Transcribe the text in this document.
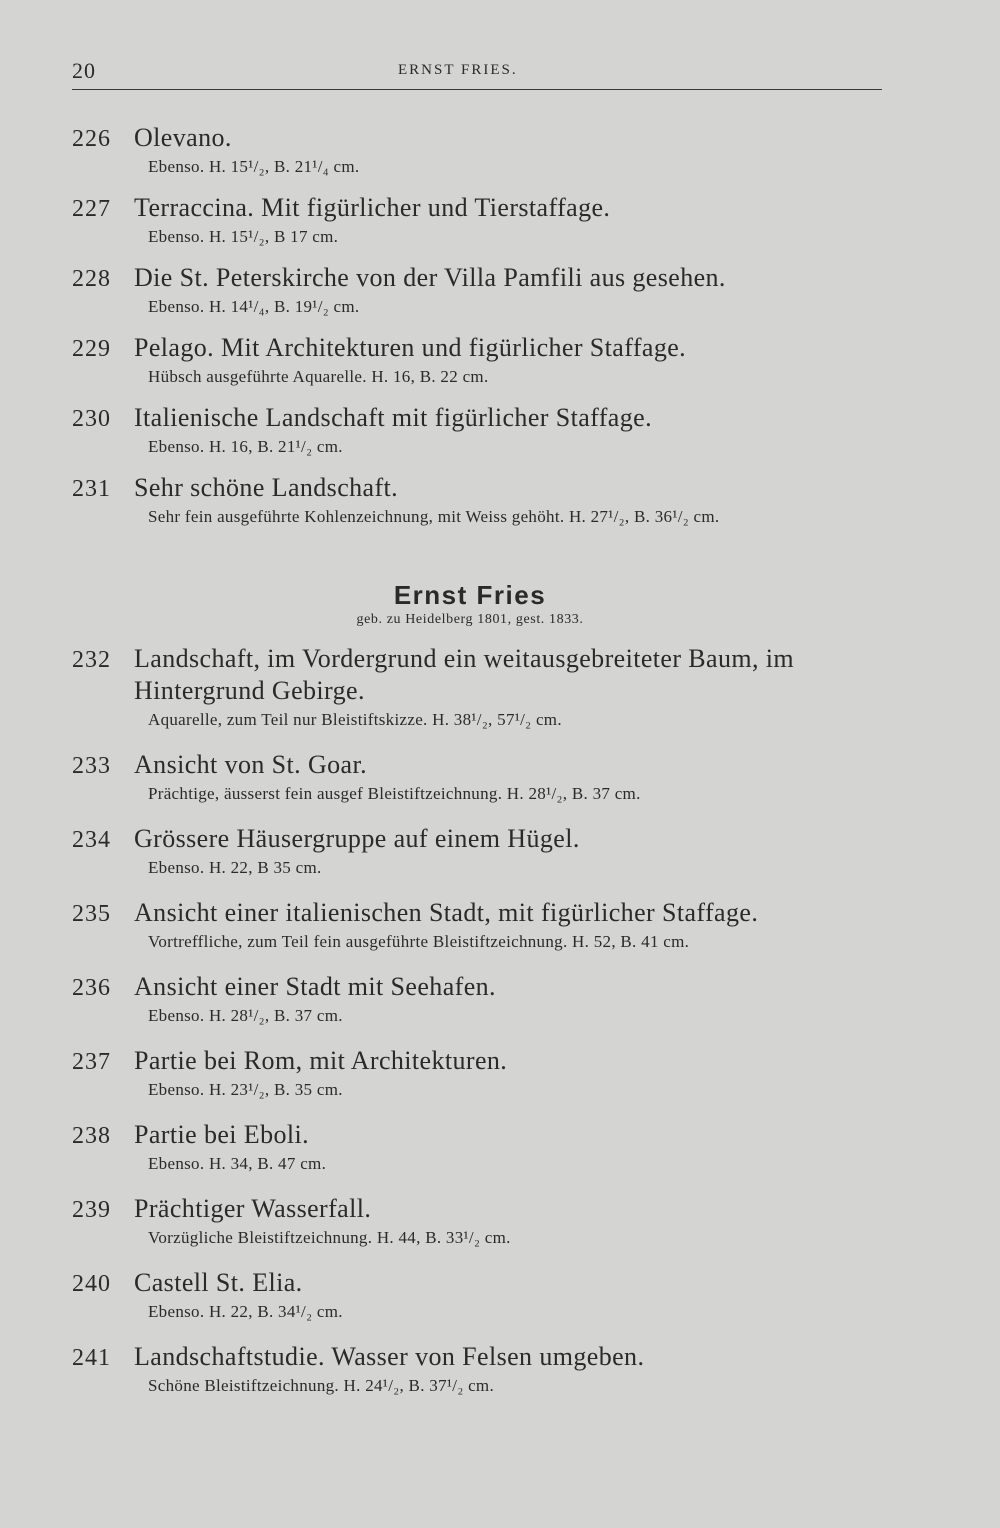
20	ERNST FRIES.
226 Olevano.
Ebenso. H. 15¹/₂, B. 21¹/₄ cm.
227 Terraccina. Mit figürlicher und Tierstaffage.
Ebenso. H. 15¹/₂, B 17 cm.
228 Die St. Peterskirche von der Villa Pamfili aus gesehen.
Ebenso. H. 14¹/₄, B. 19¹/₂ cm.
229 Pelago. Mit Architekturen und figürlicher Staffage.
Hübsch ausgeführte Aquarelle. H. 16, B. 22 cm.
230 Italienische Landschaft mit figürlicher Staffage.
Ebenso. H. 16, B. 21¹/₂ cm.
231 Sehr schöne Landschaft.
Sehr fein ausgeführte Kohlenzeichnung, mit Weiss gehöht. H. 27¹/₂, B. 36¹/₂ cm.
Ernst Fries
geb. zu Heidelberg 1801, gest. 1833.
232 Landschaft, im Vordergrund ein weitausgebreiteter Baum, im Hintergrund Gebirge.
Aquarelle, zum Teil nur Bleistiftskizze. H. 38¹/₂, 57¹/₂ cm.
233 Ansicht von St. Goar.
Prächtige, äusserst fein ausgef Bleistiftzeichnung. H. 28¹/₂, B. 37 cm.
234 Grössere Häusergruppe auf einem Hügel.
Ebenso. H. 22, B 35 cm.
235 Ansicht einer italienischen Stadt, mit figürlicher Staffage.
Vortreffliche, zum Teil fein ausgeführte Bleistiftzeichnung. H. 52, B. 41 cm.
236 Ansicht einer Stadt mit Seehafen.
Ebenso. H. 28¹/₂, B. 37 cm.
237 Partie bei Rom, mit Architekturen.
Ebenso. H. 23¹/₂, B. 35 cm.
238 Partie bei Eboli.
Ebenso. H. 34, B. 47 cm.
239 Prächtiger Wasserfall.
Vorzügliche Bleistiftzeichnung. H. 44, B. 33¹/₂ cm.
240 Castell St. Elia.
Ebenso. H. 22, B. 34¹/₂ cm.
241 Landschaftstudie. Wasser von Felsen umgeben.
Schöne Bleistiftzeichnung. H. 24¹/₂, B. 37¹/₂ cm.
